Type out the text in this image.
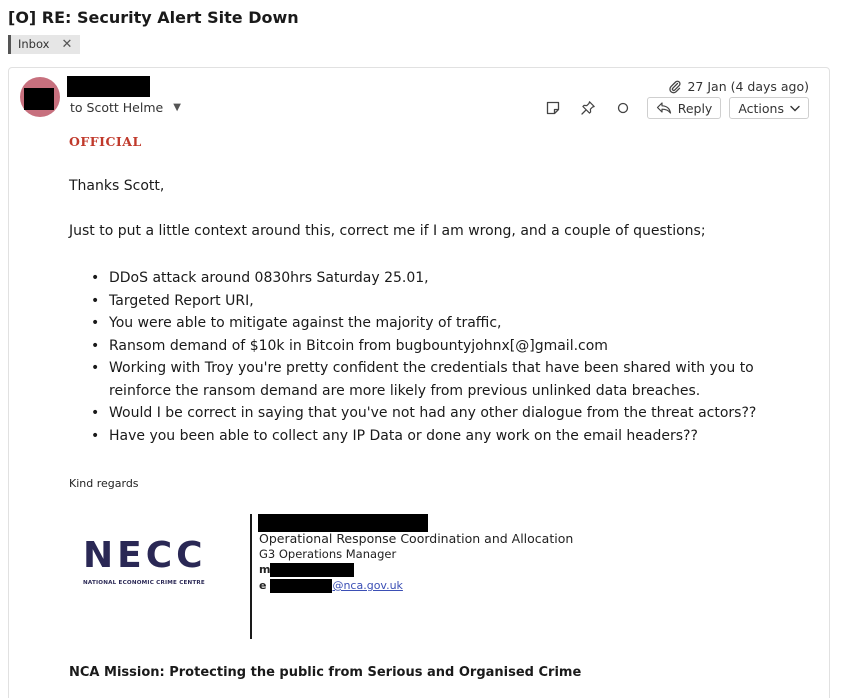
[O] RE: Security Alert Site Down
Inbox ✕
to Scott Helme ▼
27 Jan (4 days ago)
Reply Actions
OFFICIAL
Thanks Scott,
Just to put a little context around this, correct me if I am wrong, and a couple of questions;
• DDoS attack around 0830hrs Saturday 25.01,
• Targeted Report URI,
• You were able to mitigate against the majority of traffic,
• Ransom demand of $10k in Bitcoin from bugbountyjohnx[@]gmail.com
• Working with Troy you're pretty confident the credentials that have been shared with you to reinforce the ransom demand are more likely from previous unlinked data breaches.
• Would I be correct in saying that you've not had any other dialogue from the threat actors??
• Have you been able to collect any IP Data or done any work on the email headers??
Kind regards
NECC
NATIONAL ECONOMIC CRIME CENTRE
Operational Response Coordination and Allocation
G3 Operations Manager
m
e	@nca.gov.uk
NCA Mission: Protecting the public from Serious and Organised Crime
